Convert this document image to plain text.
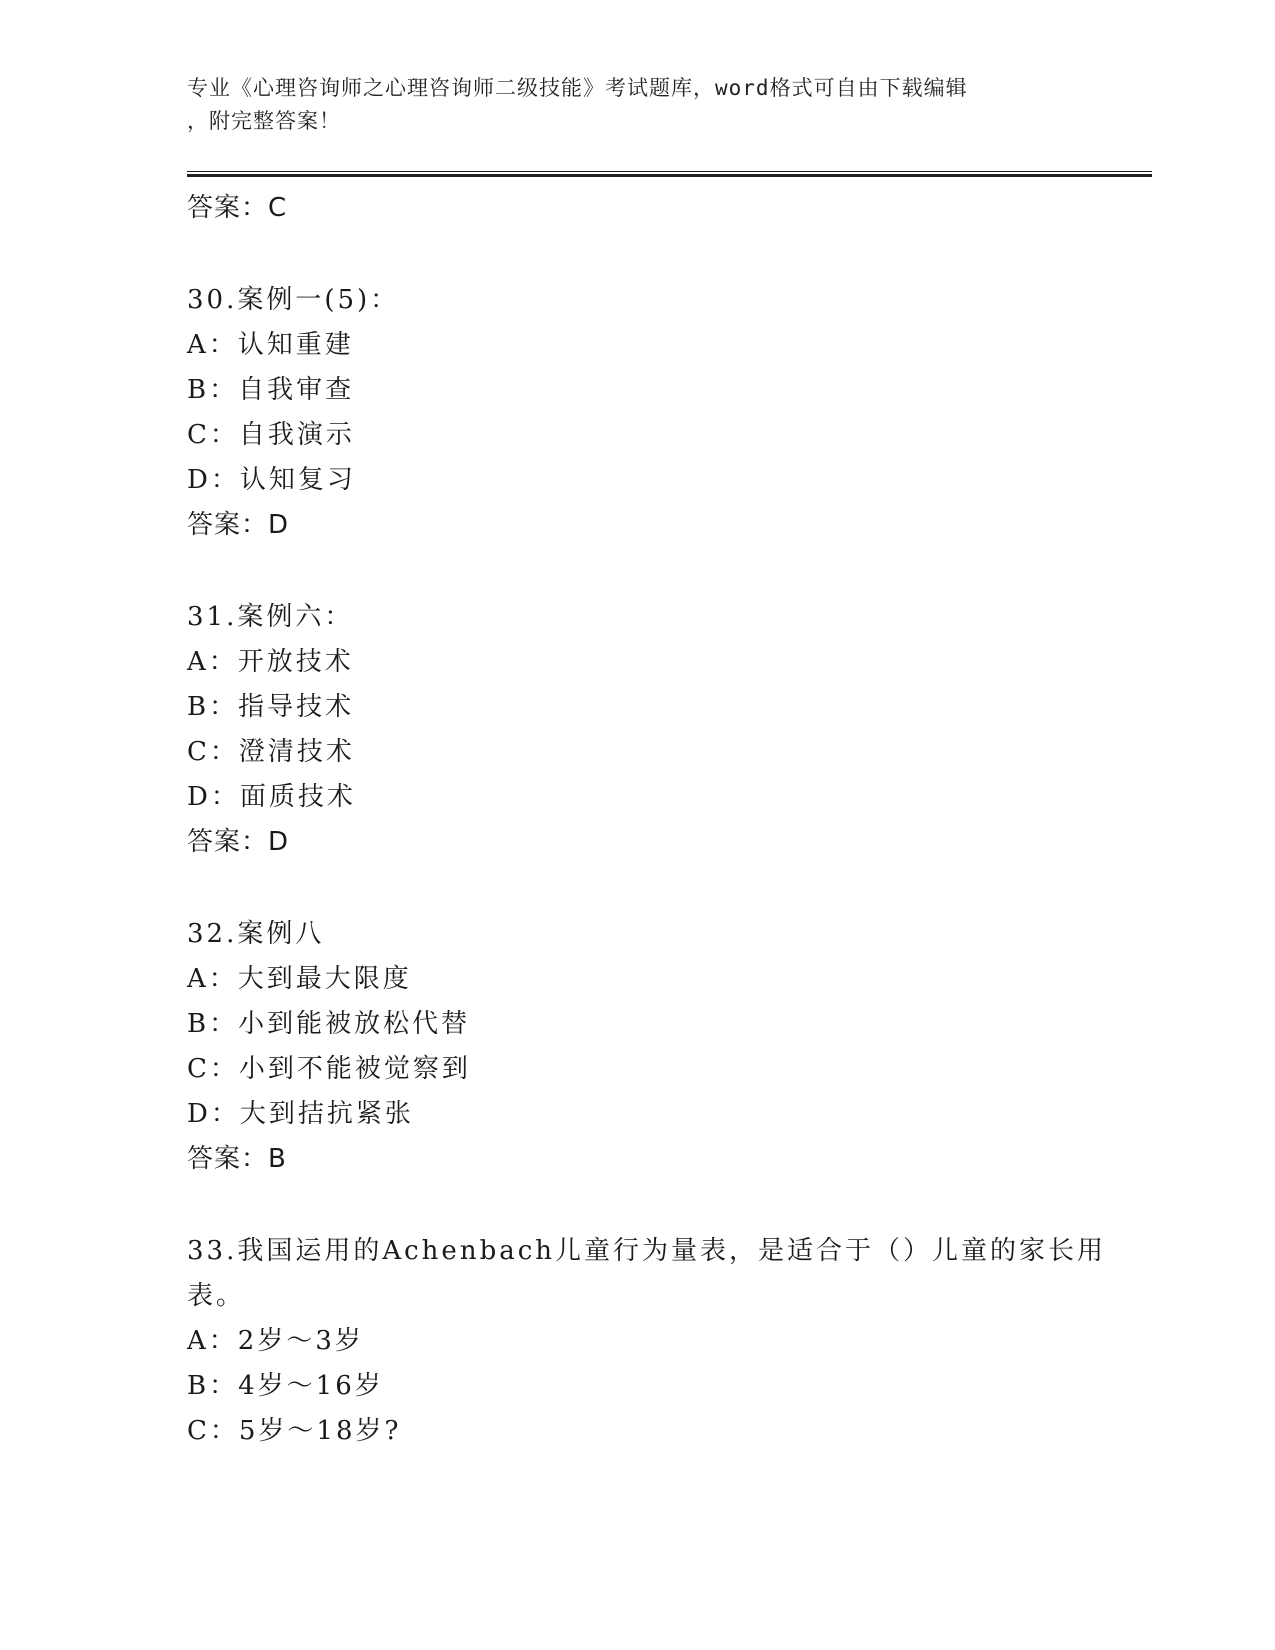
专业《心理咨询师之心理咨询师二级技能》考试题库，word格式可自由下载编辑
，附完整答案！
答案：C
30.案例一(5)：
A：认知重建
B：自我审查
C：自我演示
D：认知复习
答案：D
31.案例六：
A：开放技术
B：指导技术
C：澄清技术
D：面质技术
答案：D
32.案例八
A：大到最大限度
B：小到能被放松代替
C：小到不能被觉察到
D：大到拮抗紧张
答案：B
33.我国运用的Achenbach儿童行为量表，是适合于（）儿童的家长用
表。
A：2岁～3岁
B：4岁～16岁
C：5岁～18岁?
